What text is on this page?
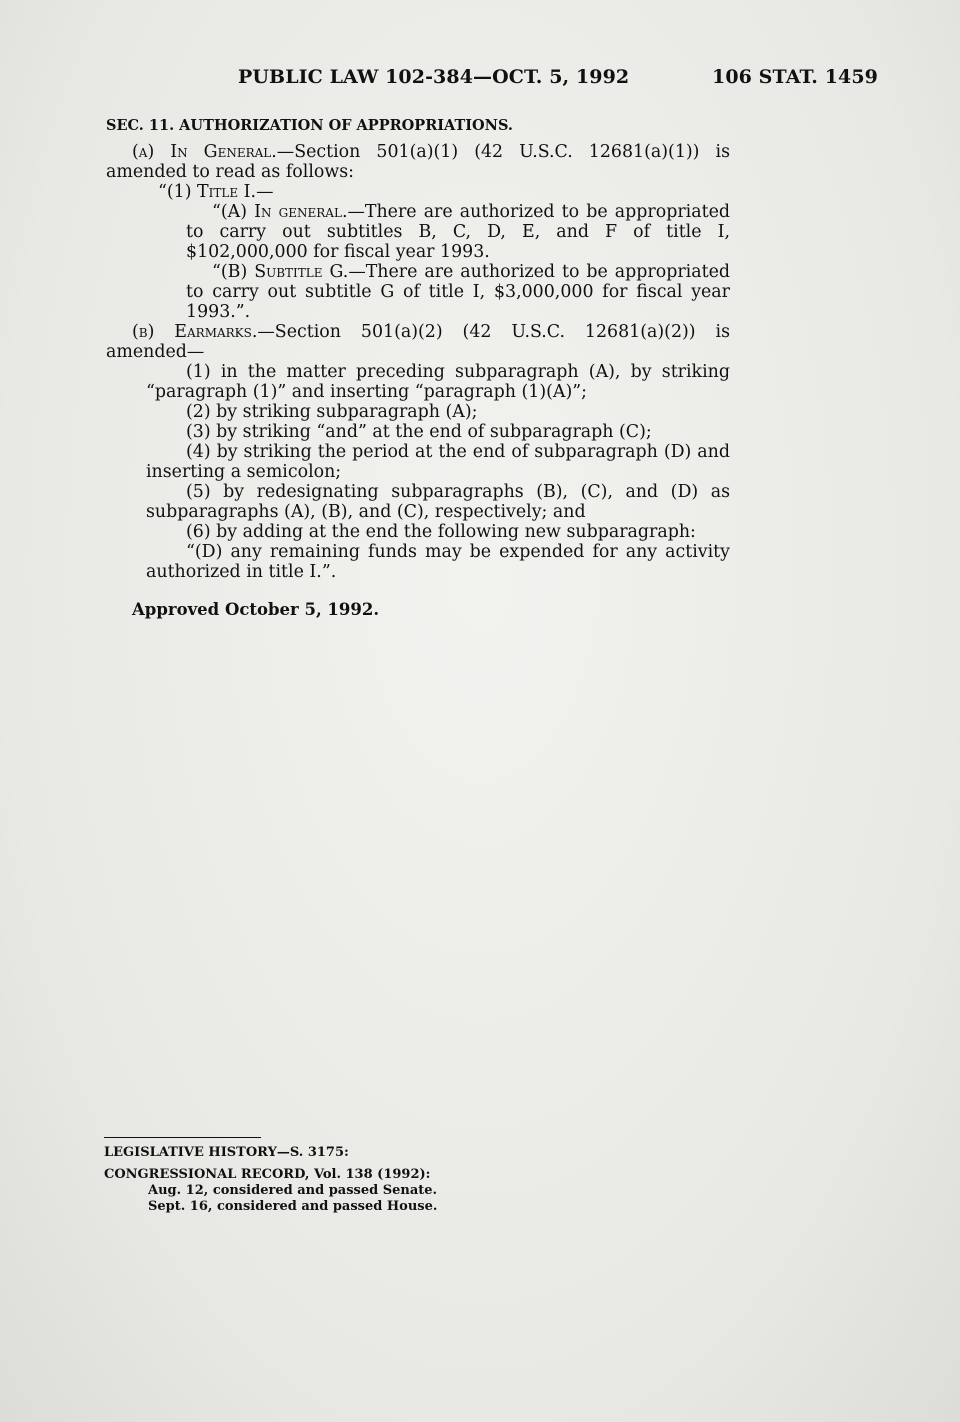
PUBLIC LAW 102-384—OCT. 5, 1992	106 STAT. 1459
SEC. 11. AUTHORIZATION OF APPROPRIATIONS.

(a) In General.—Section 501(a)(1) (42 U.S.C. 12681(a)(1)) is amended to read as follows:

“(1) Title I.—

“(A) In general.—There are authorized to be appropriated to carry out subtitles B, C, D, E, and F of title I, $102,000,000 for fiscal year 1993.

“(B) Subtitle G.—There are authorized to be appropriated to carry out subtitle G of title I, $3,000,000 for fiscal year 1993.”.

(b) Earmarks.—Section 501(a)(2) (42 U.S.C. 12681(a)(2)) is amended—

(1) in the matter preceding subparagraph (A), by striking “paragraph (1)” and inserting “paragraph (1)(A)”;

(2) by striking subparagraph (A);

(3) by striking “and” at the end of subparagraph (C);

(4) by striking the period at the end of subparagraph (D) and inserting a semicolon;

(5) by redesignating subparagraphs (B), (C), and (D) as subparagraphs (A), (B), and (C), respectively; and

(6) by adding at the end the following new subparagraph:

“(D) any remaining funds may be expended for any activity authorized in title I.”.

Approved October 5, 1992.
LEGISLATIVE HISTORY—S. 3175:
CONGRESSIONAL RECORD, Vol. 138 (1992):
Aug. 12, considered and passed Senate.
Sept. 16, considered and passed House.
